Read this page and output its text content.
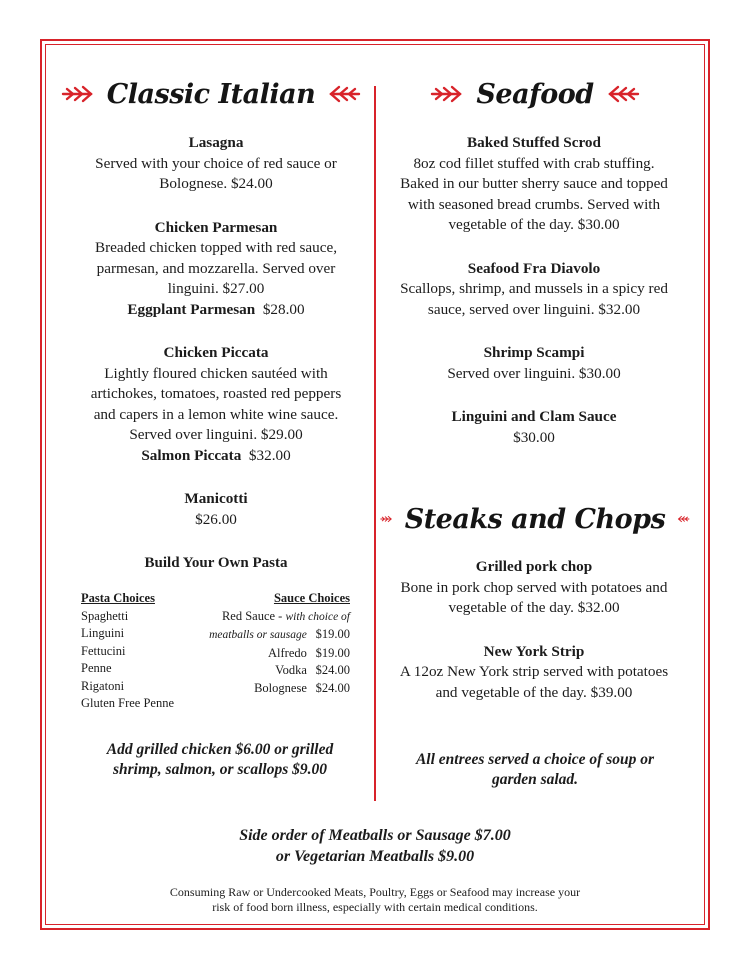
Classic Italian	Seafood
Steaks and Chops
Lasagna
Served with your choice of red sauce or Bolognese. $24.00
Chicken Parmesan
Breaded chicken topped with red sauce, parmesan, and mozzarella. Served over linguini. $27.00
Eggplant Parmesan $28.00
Chicken Piccata
Lightly floured chicken sautéed with artichokes, tomatoes, roasted red peppers and capers in a lemon white wine sauce. Served over linguini. $29.00
Salmon Piccata $32.00
Manicotti
$26.00
Build Your Own Pasta
Pasta Choices
Spaghetti
Linguini
Fettucini
Penne
Rigatoni
Gluten Free Penne
Sauce Choices
Red Sauce - with choice of
meatballs or sausage $19.00
Alfredo $19.00
Vodka $24.00
Bolognese $24.00
Add grilled chicken $6.00 or grilled shrimp, salmon, or scallops $9.00
Baked Stuffed Scrod
8oz cod fillet stuffed with crab stuffing. Baked in our butter sherry sauce and topped with seasoned bread crumbs. Served with vegetable of the day. $30.00
Seafood Fra Diavolo
Scallops, shrimp, and mussels in a spicy red sauce, served over linguini. $32.00
Shrimp Scampi
Served over linguini. $30.00
Linguini and Clam Sauce
$30.00
Grilled pork chop
Bone in pork chop served with potatoes and vegetable of the day. $32.00
New York Strip
A 12oz New York strip served with potatoes and vegetable of the day. $39.00
All entrees served a choice of soup or garden salad.
Side order of Meatballs or Sausage $7.00
or Vegetarian Meatballs $9.00
Consuming Raw or Undercooked Meats, Poultry, Eggs or Seafood may increase your
risk of food born illness, especially with certain medical conditions.
